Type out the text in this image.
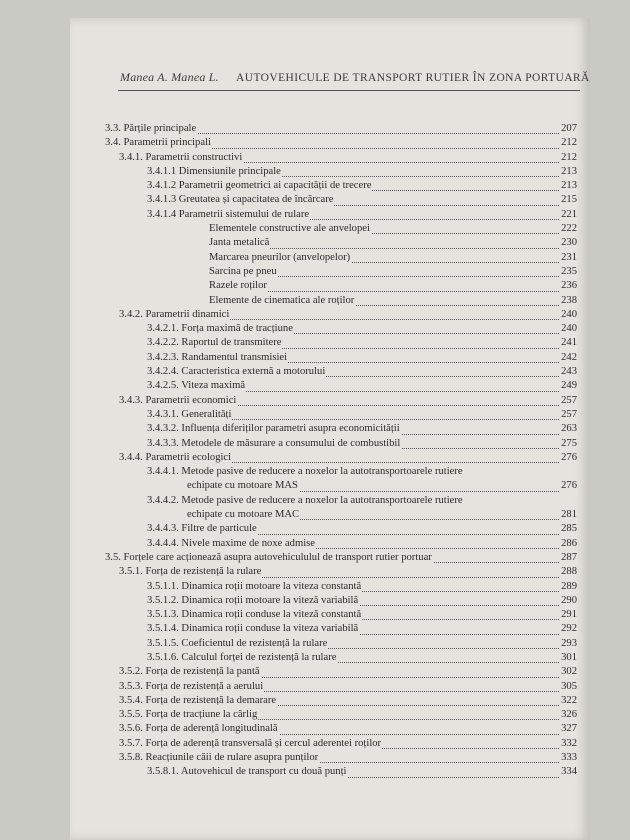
Manea A. Manea L. AUTOVEHICULE DE TRANSPORT RUTIER ÎN ZONA PORTUARĂ
3.3. Părțile principale	207
3.4. Parametrii principali	212
3.4.1. Parametrii constructivi	212
3.4.1.1 Dimensiunile principale	213
3.4.1.2 Parametrii geometrici ai capacității de trecere	213
3.4.1.3 Greutatea și capacitatea de încărcare	215
3.4.1.4 Parametrii sistemului de rulare	221
Elementele constructive ale anvelopei	222
Janta metalică	230
Marcarea pneurilor (anvelopelor)	231
Sarcina pe pneu	235
Razele roților	236
Elemente de cinematica ale roților	238
3.4.2. Parametrii dinamici	240
3.4.2.1. Forța maximă de tracțiune	240
3.4.2.2. Raportul de transmitere	241
3.4.2.3. Randamentul transmisiei	242
3.4.2.4. Caracteristica externă a motorului	243
3.4.2.5. Viteza maximă	249
3.4.3. Parametrii economici	257
3.4.3.1. Generalități	257
3.4.3.2. Influența diferiților parametri asupra economicității	263
3.4.3.3. Metodele de măsurare a consumului de combustibil	275
3.4.4. Parametrii ecologici	276
3.4.4.1. Metode pasive de reducere a noxelor la autotransportoarele rutiere
echipate cu motoare MAS	276
3.4.4.2. Metode pasive de reducere a noxelor la autotransportoarele rutiere
echipate cu motoare MAC	281
3.4.4.3. Filtre de particule	285
3.4.4.4. Nivele maxime de noxe admise	286
3.5. Forțele care acționează asupra autovehicululul de transport rutier portuar	287
3.5.1. Forța de rezistență la rulare	288
3.5.1.1. Dinamica roții motoare la viteza constantă	289
3.5.1.2. Dinamica roții motoare la viteză variabilă	290
3.5.1.3. Dinamica roții conduse la viteză constantă	291
3.5.1.4. Dinamica roții conduse la viteza variabilă	292
3.5.1.5. Coeficientul de rezistență la rulare	293
3.5.1.6. Calculul forței de rezistență la rulare	301
3.5.2. Forța de rezistență la pantă	302
3.5.3. Forța de rezistență a aerului	305
3.5.4. Forța de rezistență la demarare	322
3.5.5. Forța de tracțiune la cârlig	326
3.5.6. Forța de aderență longitudinală	327
3.5.7. Forța de aderență transversală și cercul aderentei roților	332
3.5.8. Reacțiunile căii de rulare asupra punților	333
3.5.8.1. Autovehicul de transport cu două punți	334
